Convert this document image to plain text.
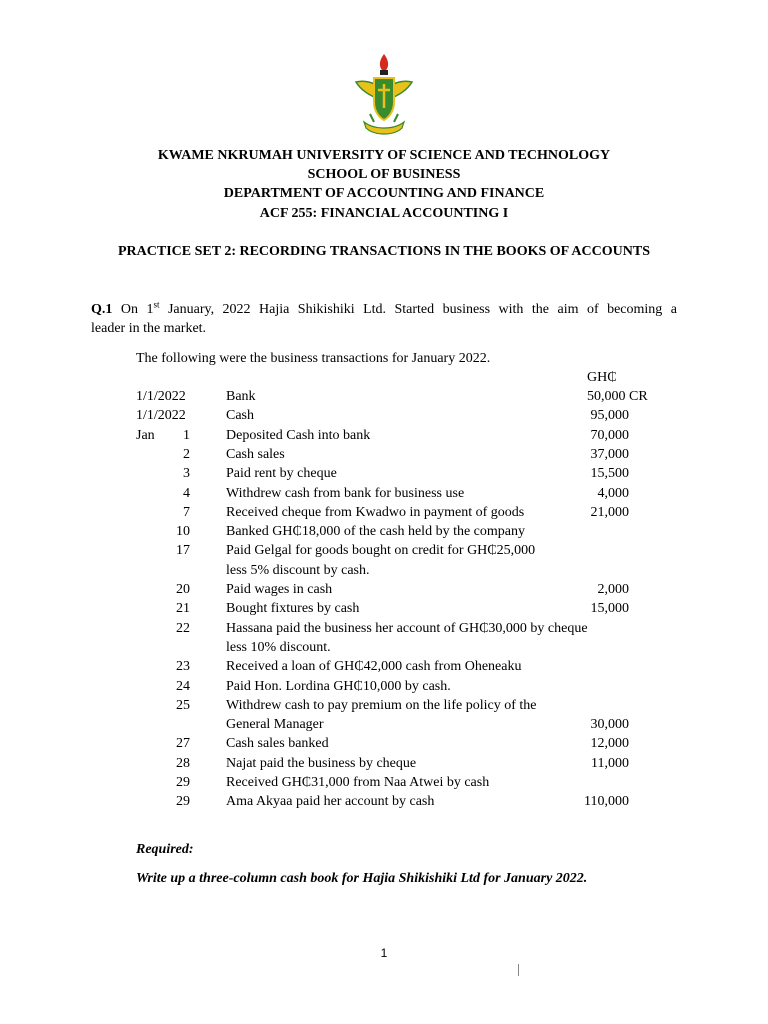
KWAME NKRUMAH UNIVERSITY OF SCIENCE AND TECHNOLOGY
SCHOOL OF BUSINESS
DEPARTMENT OF ACCOUNTING AND FINANCE
ACF 255: FINANCIAL ACCOUNTING I
PRACTICE SET 2: RECORDING TRANSACTIONS IN THE BOOKS OF ACCOUNTS
Q.1 On 1st January, 2022 Hajia Shikishiki Ltd. Started business with the aim of becoming a
leader in the market.
The following were the business transactions for January 2022.
GH₵
1/1/2022	Bank	50,000 CR
1/1/2022	Cash	95,000
Jan	1	Deposited Cash into bank	70,000
2	Cash sales	37,000
3	Paid rent by cheque	15,500
4	Withdrew cash from bank for business use	4,000
7	Received cheque from Kwadwo in payment of goods	21,000
10	Banked GH₵18,000 of the cash held by the company
17	Paid Gelgal for goods bought on credit for GH₵25,000
less 5% discount by cash.
20	Paid wages in cash	2,000
21	Bought fixtures by cash	15,000
22	Hassana paid the business her account of GH₵30,000 by cheque
less 10% discount.
23	Received a loan of GH₵42,000 cash from Oheneaku
24	Paid Hon. Lordina GH₵10,000 by cash.
25	Withdrew cash to pay premium on the life policy of the
General Manager	30,000
27	Cash sales banked	12,000
28	Najat paid the business by cheque	11,000
29	Received GH₵31,000 from Naa Atwei by cash
29	Ama Akyaa paid her account by cash	110,000
Required:
Write up a three-column cash book for Hajia Shikishiki Ltd for January 2022.
1
